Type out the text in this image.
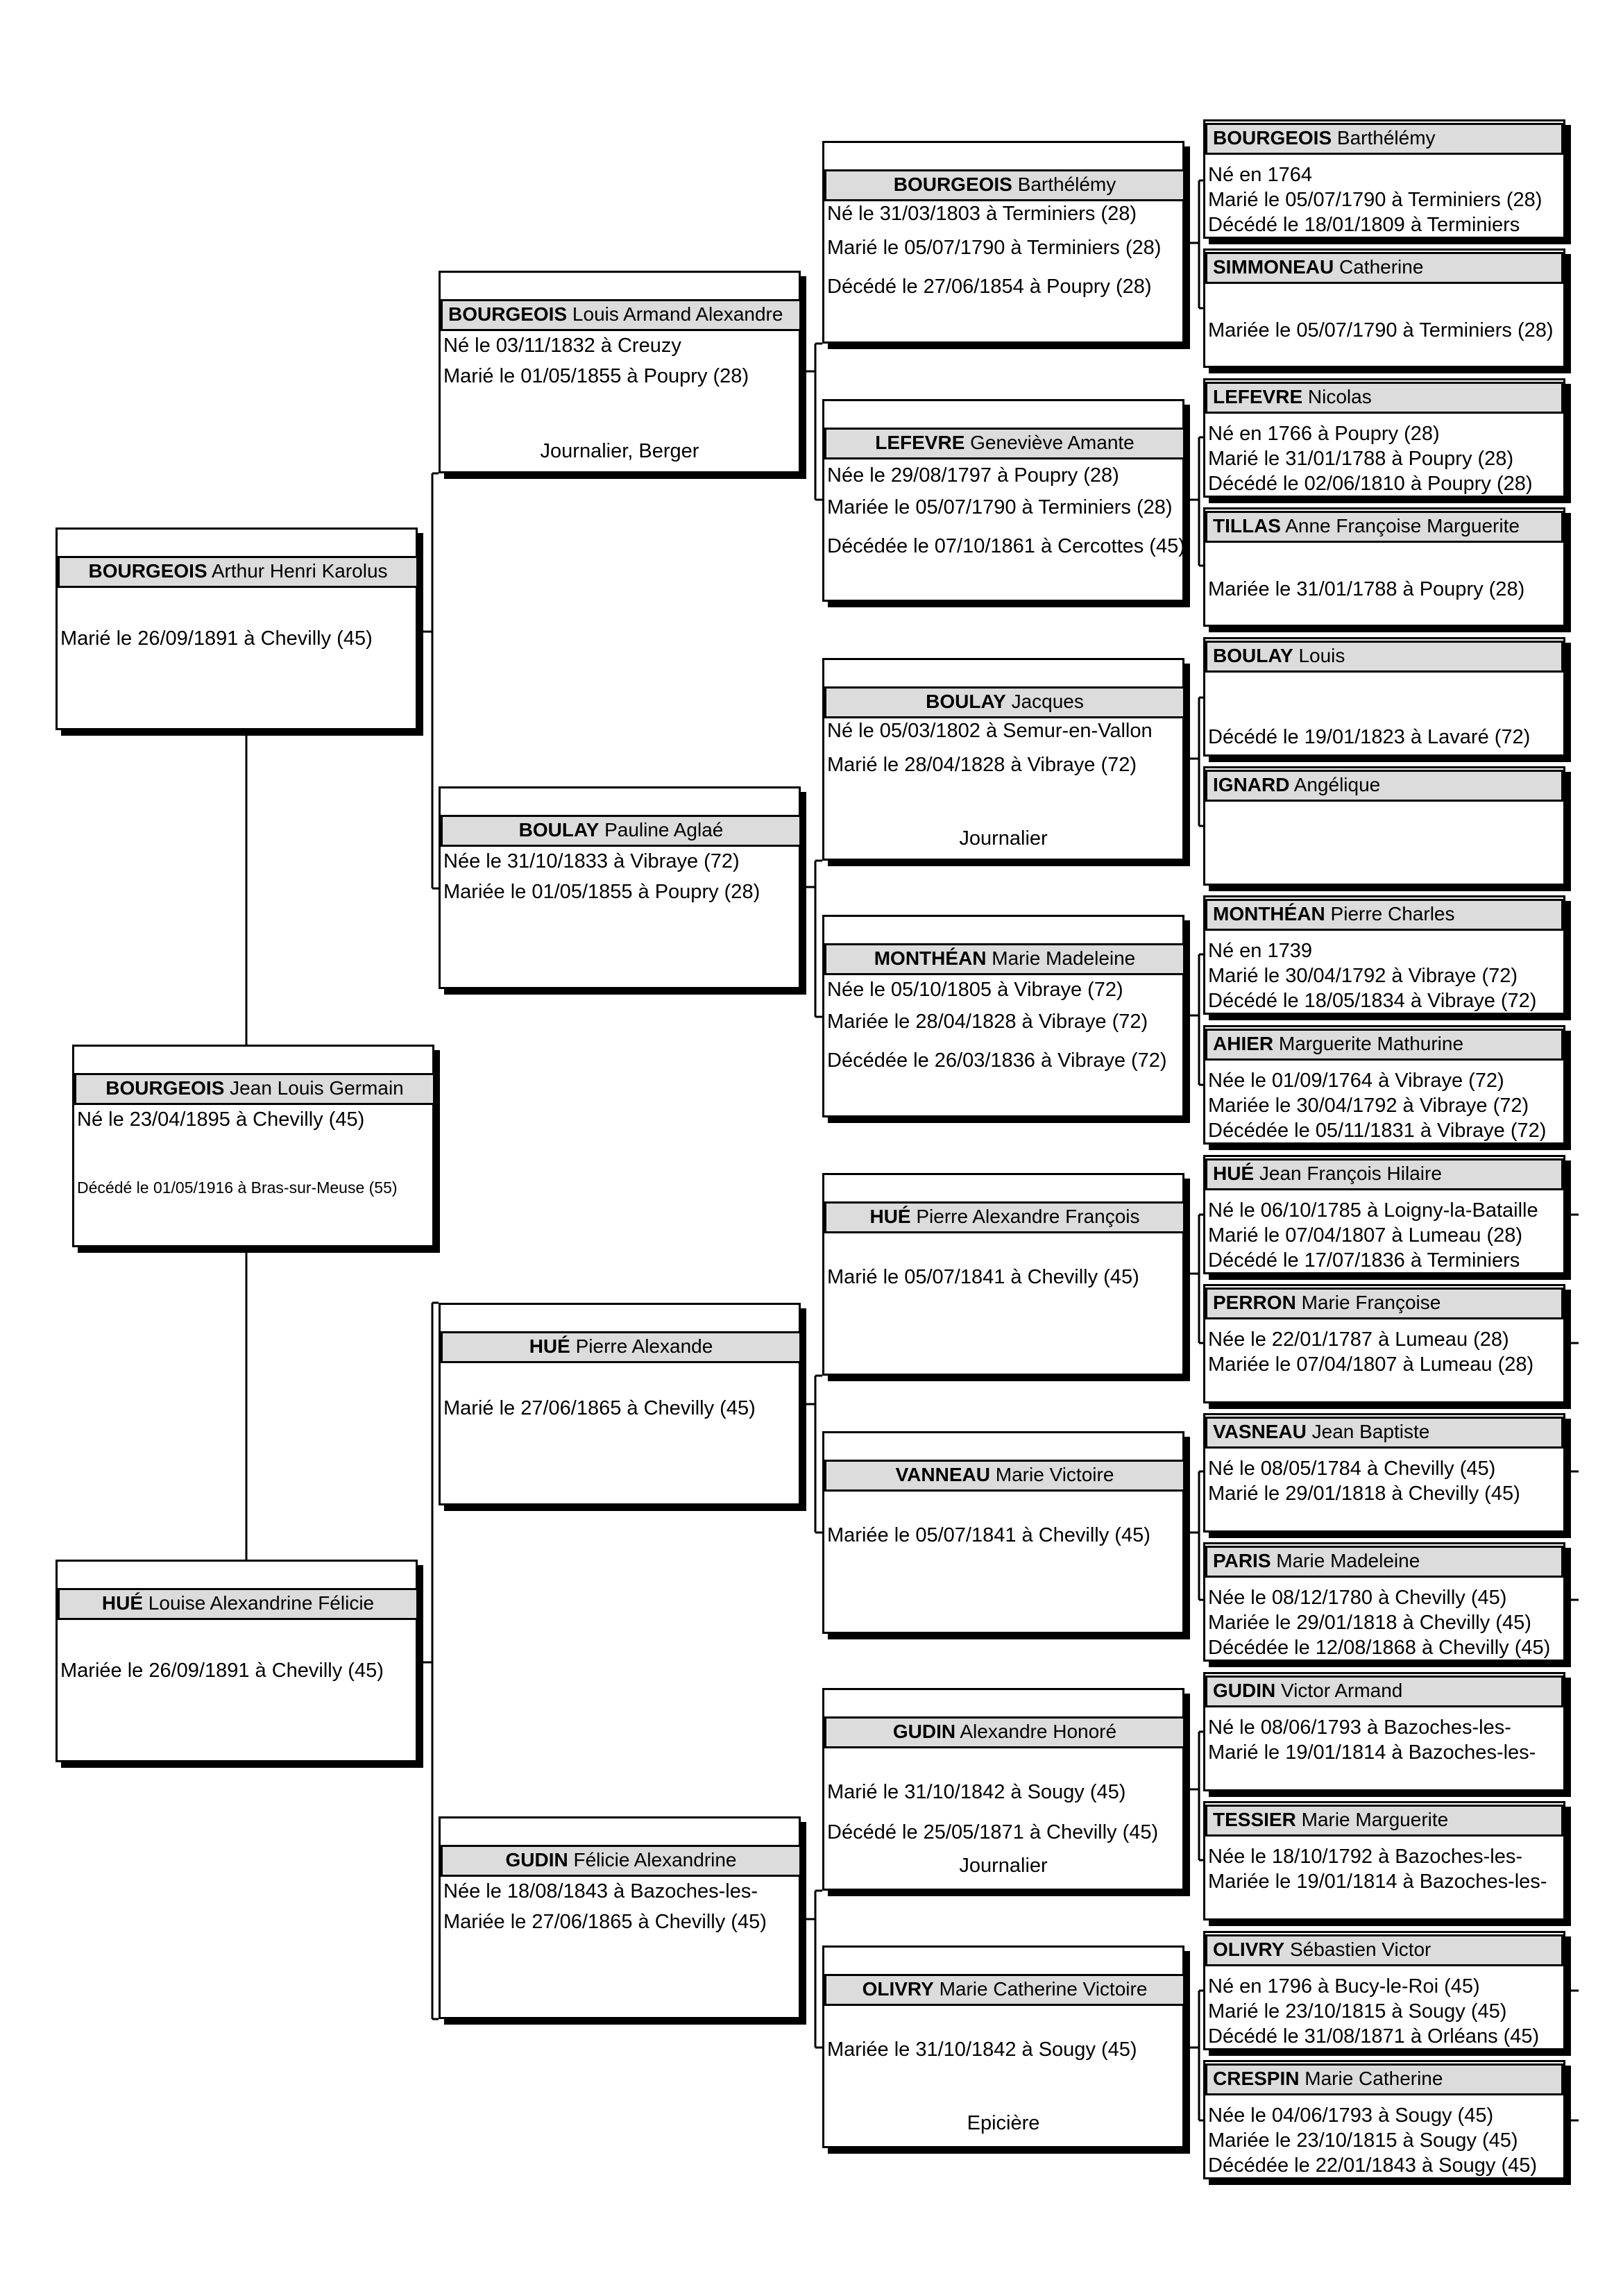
BOURGEOIS Jean Louis Germain
Né le 23/04/1895 à Chevilly (45)
Décédé le 01/05/1916 à Bras-sur-Meuse (55)
BOURGEOIS Arthur Henri Karolus
Marié le 26/09/1891 à Chevilly (45)
HUÉ Louise Alexandrine Félicie
Mariée le 26/09/1891 à Chevilly (45)
BOURGEOIS Louis Armand Alexandre
Né le 03/11/1832 à Creuzy
Marié le 01/05/1855 à Poupry (28)
Journalier, Berger
BOULAY Pauline Aglaé
Née le 31/10/1833 à Vibraye (72)
Mariée le 01/05/1855 à Poupry (28)
HUÉ Pierre Alexande
Marié le 27/06/1865 à Chevilly (45)
GUDIN Félicie Alexandrine
Née le 18/08/1843 à Bazoches-les-
Mariée le 27/06/1865 à Chevilly (45)
BOURGEOIS Barthélémy
Né le 31/03/1803 à Terminiers (28)
Marié le 05/07/1790 à Terminiers (28)
Décédé le 27/06/1854 à Poupry (28)
LEFEVRE Geneviève Amante
Née le 29/08/1797 à Poupry (28)
Mariée le 05/07/1790 à Terminiers (28)
Décédée le 07/10/1861 à Cercottes (45)
BOULAY Jacques
Né le 05/03/1802 à Semur-en-Vallon
Marié le 28/04/1828 à Vibraye (72)
Journalier
MONTHÉAN Marie Madeleine
Née le 05/10/1805 à Vibraye (72)
Mariée le 28/04/1828 à Vibraye (72)
Décédée le 26/03/1836 à Vibraye (72)
HUÉ Pierre Alexandre François
Marié le 05/07/1841 à Chevilly (45)
VANNEAU Marie Victoire
Mariée le 05/07/1841 à Chevilly (45)
GUDIN Alexandre Honoré
Marié le 31/10/1842 à Sougy (45)
Décédé le 25/05/1871 à Chevilly (45)
Journalier
OLIVRY Marie Catherine Victoire
Mariée le 31/10/1842 à Sougy (45)
Epicière
BOURGEOIS Barthélémy
Né en 1764
Marié le 05/07/1790 à Terminiers (28)
Décédé le 18/01/1809 à Terminiers
SIMMONEAU Catherine
Mariée le 05/07/1790 à Terminiers (28)
LEFEVRE Nicolas
Né en 1766 à Poupry (28)
Marié le 31/01/1788 à Poupry (28)
Décédé le 02/06/1810 à Poupry (28)
TILLAS Anne Françoise Marguerite
Mariée le 31/01/1788 à Poupry (28)
BOULAY Louis
Décédé le 19/01/1823 à Lavaré (72)
IGNARD Angélique
MONTHÉAN Pierre Charles
Né en 1739
Marié le 30/04/1792 à Vibraye (72)
Décédé le 18/05/1834 à Vibraye (72)
AHIER Marguerite Mathurine
Née le 01/09/1764 à Vibraye (72)
Mariée le 30/04/1792 à Vibraye (72)
Décédée le 05/11/1831 à Vibraye (72)
HUÉ Jean François Hilaire
Né le 06/10/1785 à Loigny-la-Bataille
Marié le 07/04/1807 à Lumeau (28)
Décédé le 17/07/1836 à Terminiers
PERRON Marie Françoise
Née le 22/01/1787 à Lumeau (28)
Mariée le 07/04/1807 à Lumeau (28)
VASNEAU Jean Baptiste
Né le 08/05/1784 à Chevilly (45)
Marié le 29/01/1818 à Chevilly (45)
PARIS Marie Madeleine
Née le 08/12/1780 à Chevilly (45)
Mariée le 29/01/1818 à Chevilly (45)
Décédée le 12/08/1868 à Chevilly (45)
GUDIN Victor Armand
Né le 08/06/1793 à Bazoches-les-
Marié le 19/01/1814 à Bazoches-les-
TESSIER Marie Marguerite
Née le 18/10/1792 à Bazoches-les-
Mariée le 19/01/1814 à Bazoches-les-
OLIVRY Sébastien Victor
Né en 1796 à Bucy-le-Roi (45)
Marié le 23/10/1815 à Sougy (45)
Décédé le 31/08/1871 à Orléans (45)
CRESPIN Marie Catherine
Née le 04/06/1793 à Sougy (45)
Mariée le 23/10/1815 à Sougy (45)
Décédée le 22/01/1843 à Sougy (45)
